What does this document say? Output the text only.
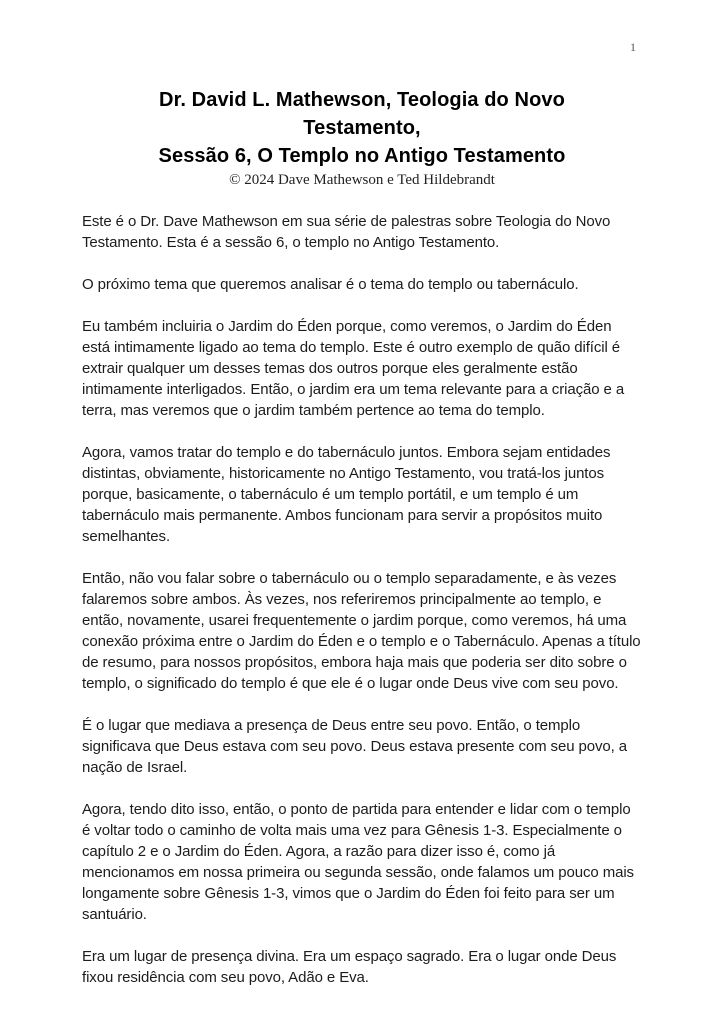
1
Dr. David L. Mathewson, Teologia do Novo Testamento,
Sessão 6, O Templo no Antigo Testamento
© 2024 Dave Mathewson e Ted Hildebrandt

Este é o Dr. Dave Mathewson em sua série de palestras sobre Teologia do Novo Testamento. Esta é a sessão 6, o templo no Antigo Testamento.

O próximo tema que queremos analisar é o tema do templo ou tabernáculo.

Eu também incluiria o Jardim do Éden porque, como veremos, o Jardim do Éden está intimamente ligado ao tema do templo. Este é outro exemplo de quão difícil é extrair qualquer um desses temas dos outros porque eles geralmente estão intimamente interligados. Então, o jardim era um tema relevante para a criação e a terra, mas veremos que o jardim também pertence ao tema do templo.

Agora, vamos tratar do templo e do tabernáculo juntos. Embora sejam entidades distintas, obviamente, historicamente no Antigo Testamento, vou tratá-los juntos porque, basicamente, o tabernáculo é um templo portátil, e um templo é um tabernáculo mais permanente. Ambos funcionam para servir a propósitos muito semelhantes.

Então, não vou falar sobre o tabernáculo ou o templo separadamente, e às vezes falaremos sobre ambos. Às vezes, nos referiremos principalmente ao templo, e então, novamente, usarei frequentemente o jardim porque, como veremos, há uma conexão próxima entre o Jardim do Éden e o templo e o Tabernáculo. Apenas a título de resumo, para nossos propósitos, embora haja mais que poderia ser dito sobre o templo, o significado do templo é que ele é o lugar onde Deus vive com seu povo.

É o lugar que mediava a presença de Deus entre seu povo. Então, o templo significava que Deus estava com seu povo. Deus estava presente com seu povo, a nação de Israel.

Agora, tendo dito isso, então, o ponto de partida para entender e lidar com o templo é voltar todo o caminho de volta mais uma vez para Gênesis 1-3. Especialmente o capítulo 2 e o Jardim do Éden. Agora, a razão para dizer isso é, como já mencionamos em nossa primeira ou segunda sessão, onde falamos um pouco mais longamente sobre Gênesis 1-3, vimos que o Jardim do Éden foi feito para ser um santuário.

Era um lugar de presença divina. Era um espaço sagrado. Era o lugar onde Deus fixou residência com seu povo, Adão e Eva.
